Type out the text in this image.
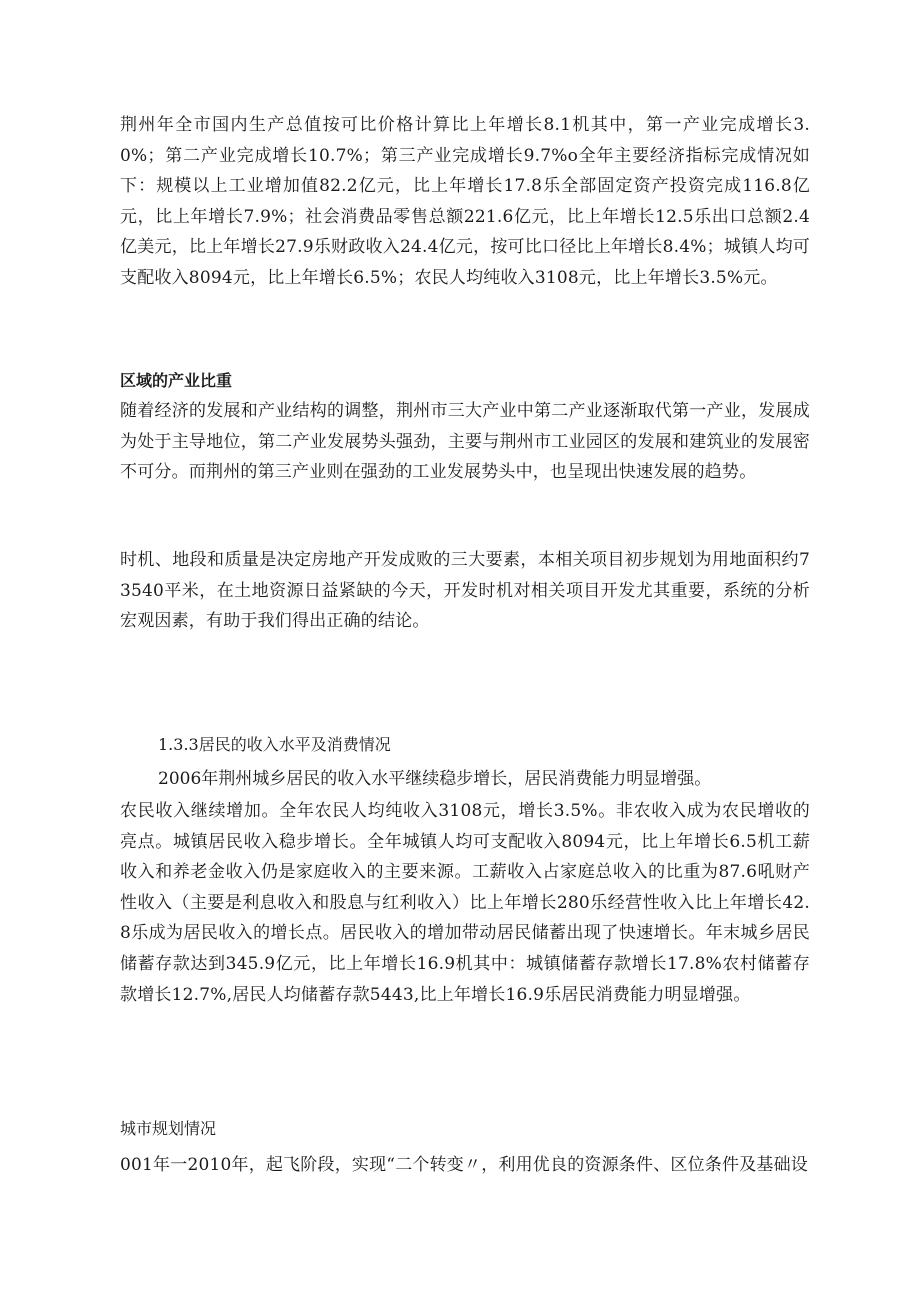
荆州年全市国内生产总值按可比价格计算比上年增长8.1机其中，第一产业完成增长3.0%；第二产业完成增长10.7%；第三产业完成增长9.7%o全年主要经济指标完成情况如下：规模以上工业增加值82.2亿元，比上年增长17.8乐全部固定资产投资完成116.8亿元，比上年增长7.9%；社会消费品零售总额221.6亿元，比上年增长12.5乐出口总额2.4亿美元，比上年增长27.9乐财政收入24.4亿元，按可比口径比上年增长8.4%；城镇人均可支配收入8094元，比上年增长6.5%；农民人均纯收入3108元，比上年增长3.5%元。

区域的产业比重

随着经济的发展和产业结构的调整，荆州市三大产业中第二产业逐渐取代第一产业，发展成为处于主导地位，第二产业发展势头强劲，主要与荆州市工业园区的发展和建筑业的发展密不可分。而荆州的第三产业则在强劲的工业发展势头中，也呈现出快速发展的趋势。

时机、地段和质量是决定房地产开发成败的三大要素，本相关项目初步规划为用地面积约73540平米，在土地资源日益紧缺的今天，开发时机对相关项目开发尤其重要，系统的分析宏观因素，有助于我们得出正确的结论。

1.3.3居民的收入水平及消费情况

2006年荆州城乡居民的收入水平继续稳步增长，居民消费能力明显增强。

农民收入继续增加。全年农民人均纯收入3108元，增长3.5%。非农收入成为农民增收的亮点。城镇居民收入稳步增长。全年城镇人均可支配收入8094元，比上年增长6.5机工薪收入和养老金收入仍是家庭收入的主要来源。工薪收入占家庭总收入的比重为87.6吼财产性收入（主要是利息收入和股息与红利收入）比上年增长280乐经营性收入比上年增长42.8乐成为居民收入的增长点。居民收入的增加带动居民储蓄出现了快速增长。年末城乡居民储蓄存款达到345.9亿元，比上年增长16.9机其中：城镇储蓄存款增长17.8%农村储蓄存款增长12.7%,居民人均储蓄存款5443,比上年增长16.9乐居民消费能力明显增强。

城市规划情况

001年一2010年，起飞阶段，实现“二个转变〃，利用优良的资源条件、区位条件及基础设
